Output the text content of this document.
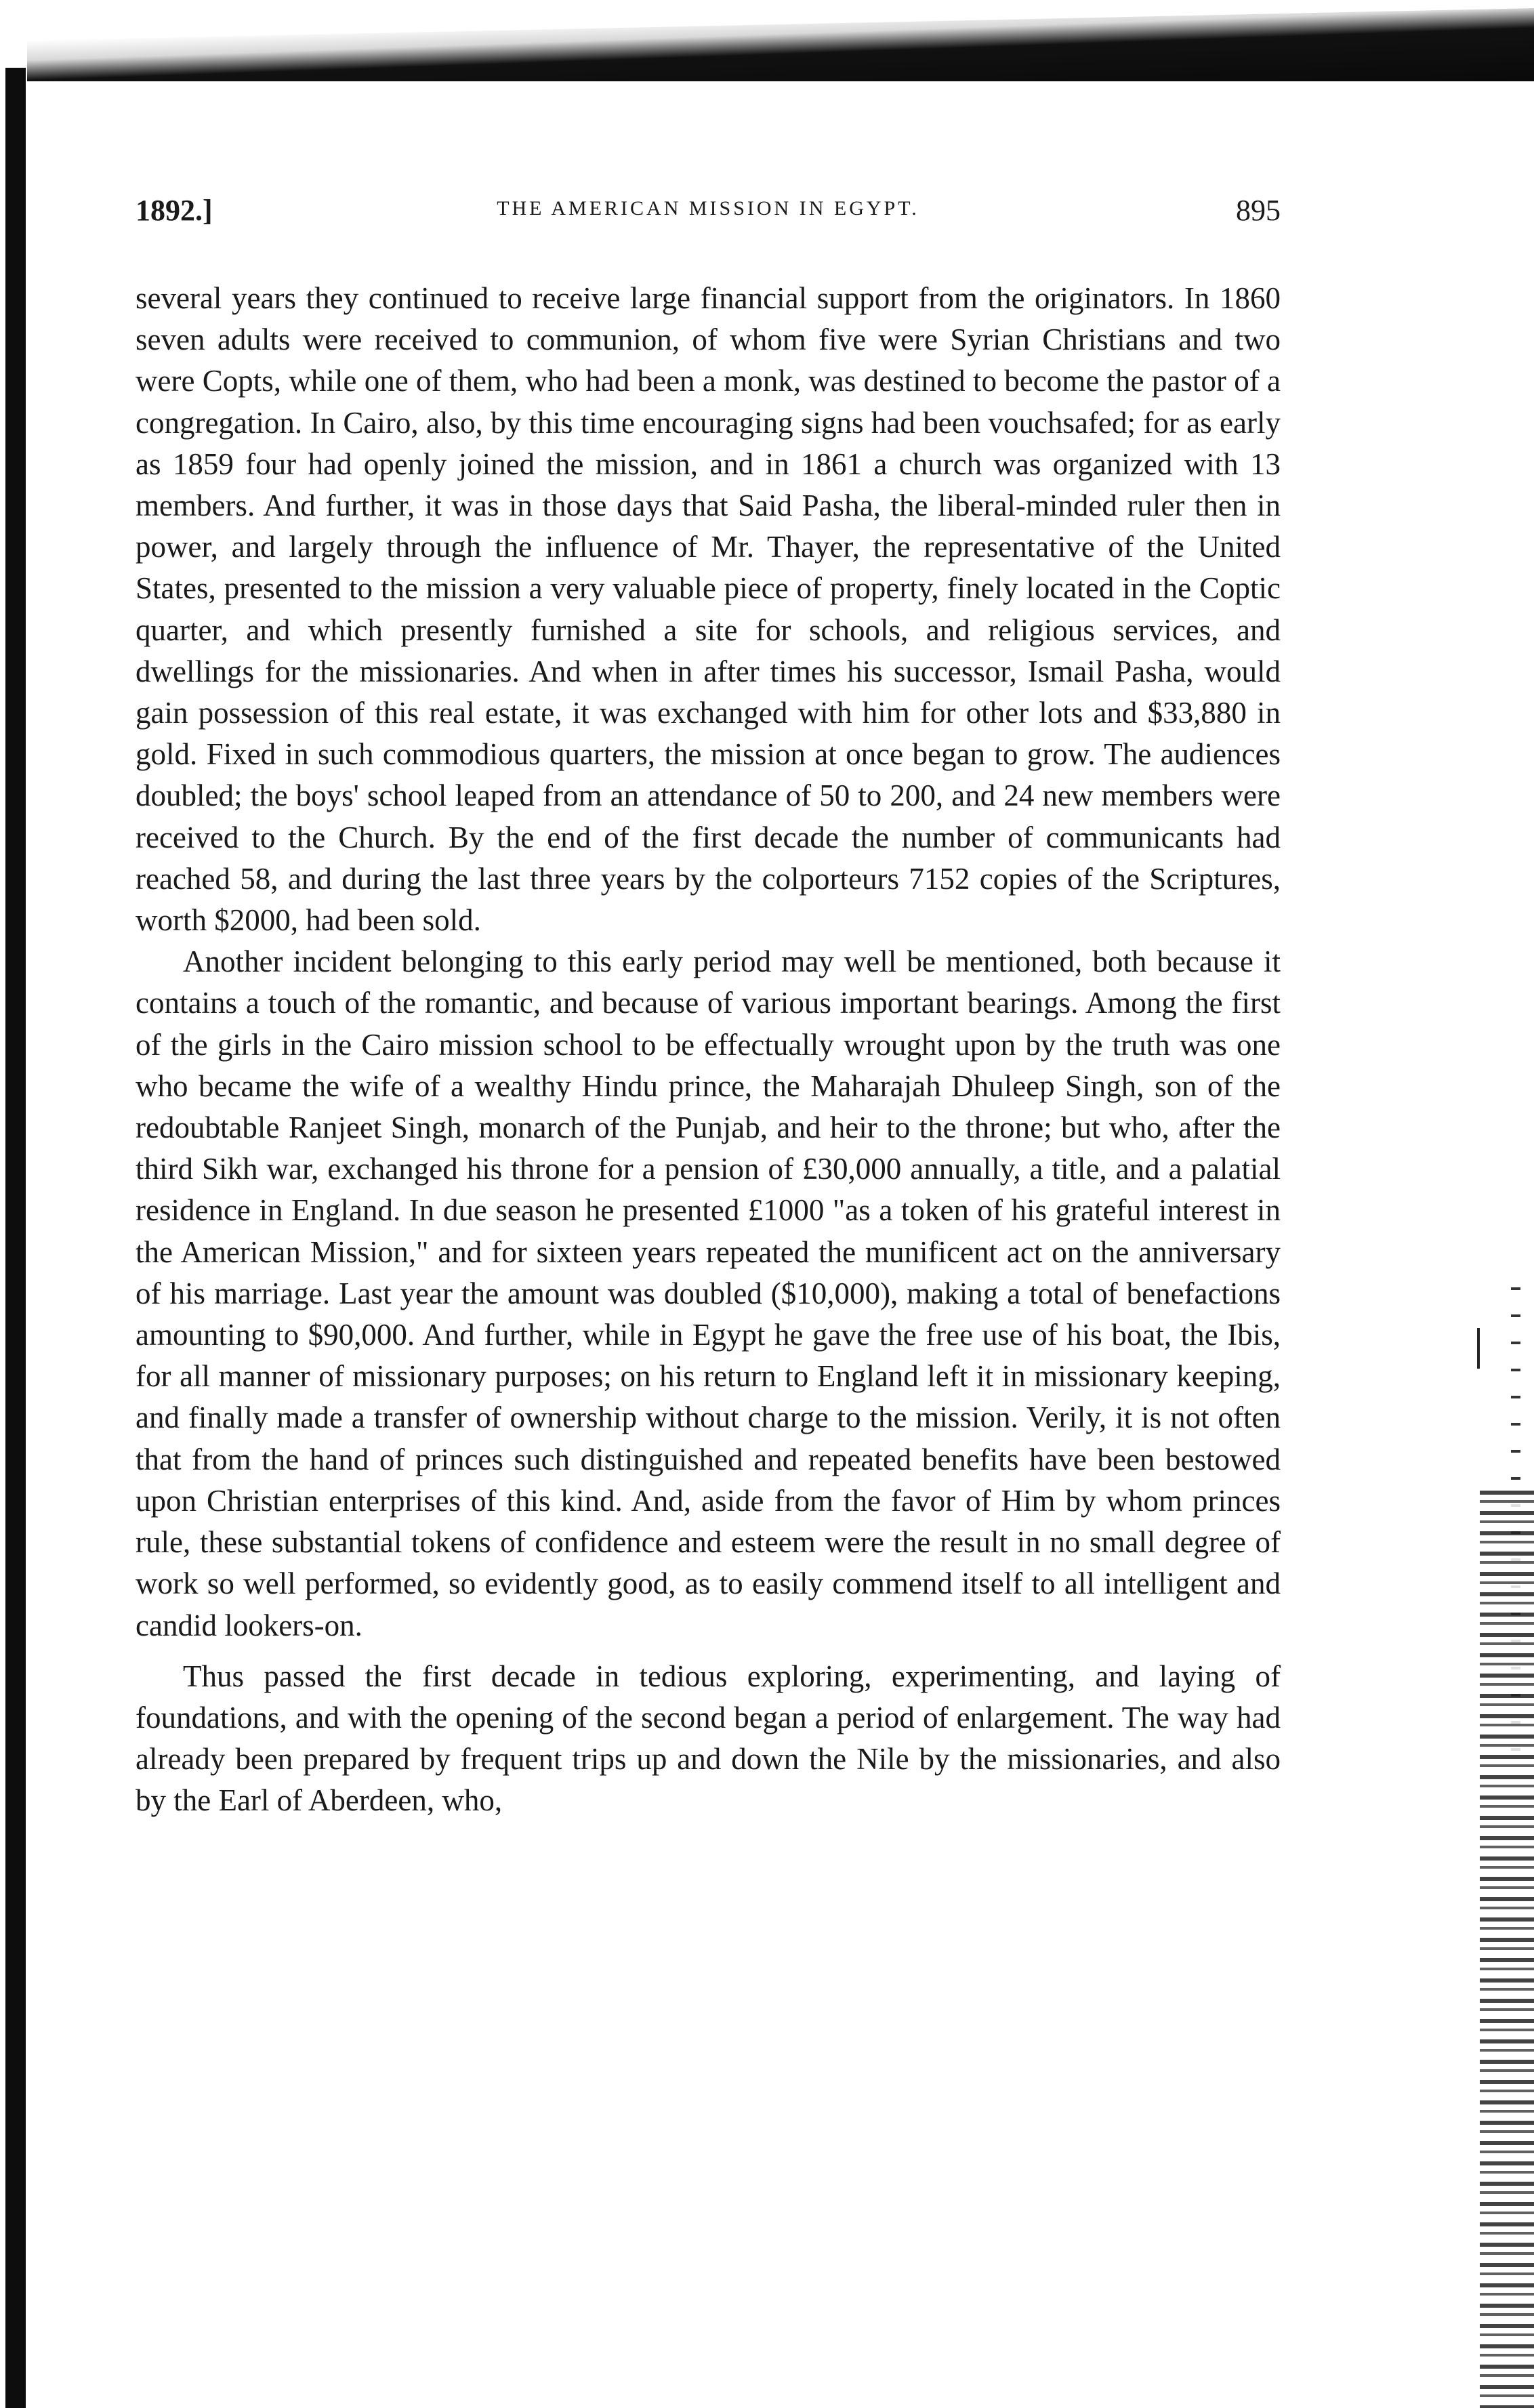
1892.]	THE AMERICAN MISSION IN EGYPT.	895

several years they continued to receive large financial support from the originators. In 1860 seven adults were received to communion, of whom five were Syrian Christians and two were Copts, while one of them, who had been a monk, was destined to become the pastor of a congregation. In Cairo, also, by this time encouraging signs had been vouchsafed; for as early as 1859 four had openly joined the mission, and in 1861 a church was organized with 13 members. And further, it was in those days that Said Pasha, the liberal-minded ruler then in power, and largely through the influence of Mr. Thayer, the representative of the United States, presented to the mission a very valuable piece of property, finely located in the Coptic quarter, and which presently furnished a site for schools, and religious services, and dwellings for the missionaries. And when in after times his successor, Ismail Pasha, would gain possession of this real estate, it was exchanged with him for other lots and $33,880 in gold. Fixed in such commodious quarters, the mission at once began to grow. The audiences doubled; the boys' school leaped from an attendance of 50 to 200, and 24 new members were received to the Church. By the end of the first decade the number of communicants had reached 58, and during the last three years by the colporteurs 7152 copies of the Scriptures, worth $2000, had been sold.

Another incident belonging to this early period may well be mentioned, both because it contains a touch of the romantic, and because of various important bearings. Among the first of the girls in the Cairo mission school to be effectually wrought upon by the truth was one who became the wife of a wealthy Hindu prince, the Maharajah Dhuleep Singh, son of the redoubtable Ranjeet Singh, monarch of the Punjab, and heir to the throne; but who, after the third Sikh war, exchanged his throne for a pension of £30,000 annually, a title, and a palatial residence in England. In due season he presented £1000 "as a token of his grateful interest in the American Mission," and for sixteen years repeated the munificent act on the anniversary of his marriage. Last year the amount was doubled ($10,000), making a total of benefactions amounting to $90,000. And further, while in Egypt he gave the free use of his boat, the Ibis, for all manner of missionary purposes; on his return to England left it in missionary keeping, and finally made a transfer of ownership without charge to the mission. Verily, it is not often that from the hand of princes such distinguished and repeated benefits have been bestowed upon Christian enterprises of this kind. And, aside from the favor of Him by whom princes rule, these substantial tokens of confidence and esteem were the result in no small degree of work so well performed, so evidently good, as to easily commend itself to all intelligent and candid lookers-on.

Thus passed the first decade in tedious exploring, experimenting, and laying of foundations, and with the opening of the second began a period of enlargement. The way had already been prepared by frequent trips up and down the Nile by the missionaries, and also by the Earl of Aberdeen, who,
